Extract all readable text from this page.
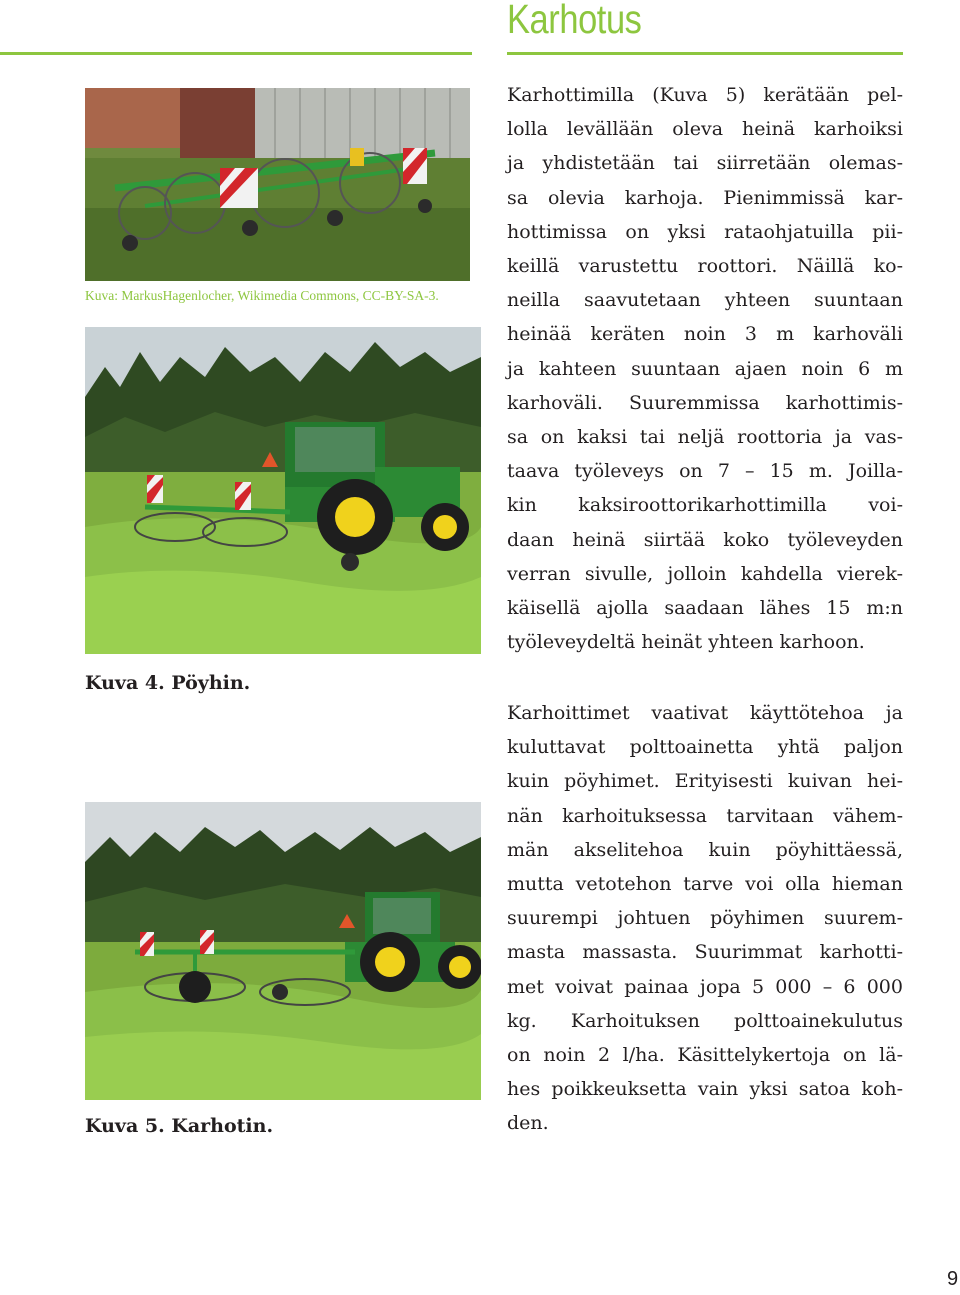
Karhotus
Kuva: MarkusHagenlocher, Wikimedia Commons, CC-BY-SA-3.
Kuva 4. Pöyhin.
Kuva 5. Karhotin.
Karhottimilla (Kuva 5) kerätään pel-
lolla levällään oleva heinä karhoiksi
ja yhdistetään tai siirretään olemas-
sa olevia karhoja. Pienimmissä kar-
hottimissa on yksi rataohjatuilla pii-
keillä varustettu roottori. Näillä ko-
neilla saavutetaan yhteen suuntaan
heinää keräten noin 3 m karhoväli
ja kahteen suuntaan ajaen noin 6 m
karhoväli. Suuremmissa karhottimis-
sa on kaksi tai neljä roottoria ja vas-
taava työleveys on 7 – 15 m. Joilla-
kin kaksiroottorikarhottimilla voi-
daan heinä siirtää koko työleveyden
verran sivulle, jolloin kahdella vierek-
käisellä ajolla saadaan lähes 15 m:n
työleveydeltä heinät yhteen karhoon.
Karhoittimet vaativat käyttötehoa ja
kuluttavat polttoainetta yhtä paljon
kuin pöyhimet. Erityisesti kuivan hei-
nän karhoituksessa tarvitaan vähem-
män akselitehoa kuin pöyhittäessä,
mutta vetotehon tarve voi olla hieman
suurempi johtuen pöyhimen suurem-
masta massasta. Suurimmat karhotti-
met voivat painaa jopa 5 000 – 6 000
kg. Karhoituksen polttoainekulutus
on noin 2 l/ha. Käsittelykertoja on lä-
hes poikkeuksetta vain yksi satoa koh-
den.
9
